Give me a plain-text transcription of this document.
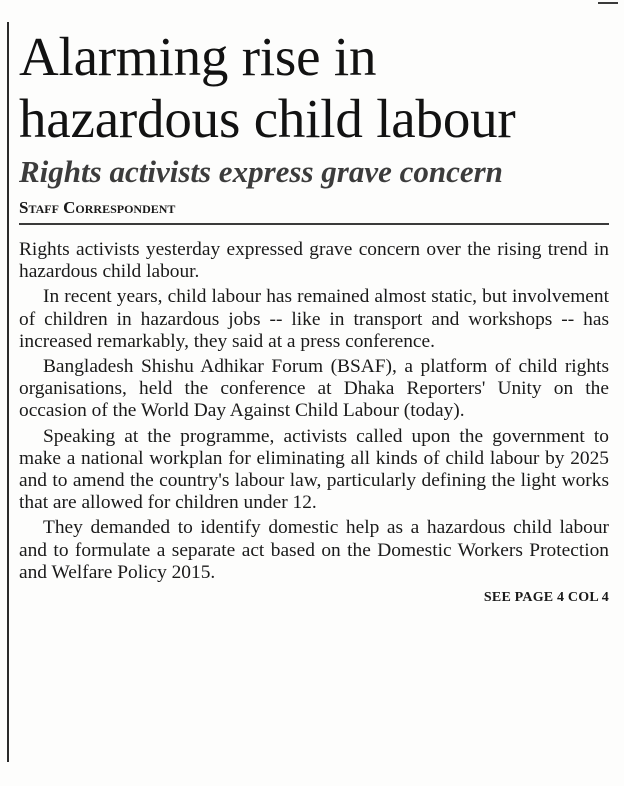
Alarming rise in
hazardous child labour
Rights activists express grave concern
Staff Correspondent

Rights activists yesterday expressed grave concern over the rising trend in hazardous child labour.

In recent years, child labour has remained almost static, but involvement of children in hazardous jobs -- like in transport and workshops -- has increased remarkably, they said at a press conference.

Bangladesh Shishu Adhikar Forum (BSAF), a platform of child rights organisations, held the conference at Dhaka Reporters' Unity on the occasion of the World Day Against Child Labour (today).

Speaking at the programme, activists called upon the government to make a national workplan for eliminating all kinds of child labour by 2025 and to amend the country's labour law, particularly defining the light works that are allowed for children under 12.

They demanded to identify domestic help as a hazardous child labour and to formulate a separate act based on the Domestic Workers Protection and Welfare Policy 2015.

SEE PAGE 4 COL 4
